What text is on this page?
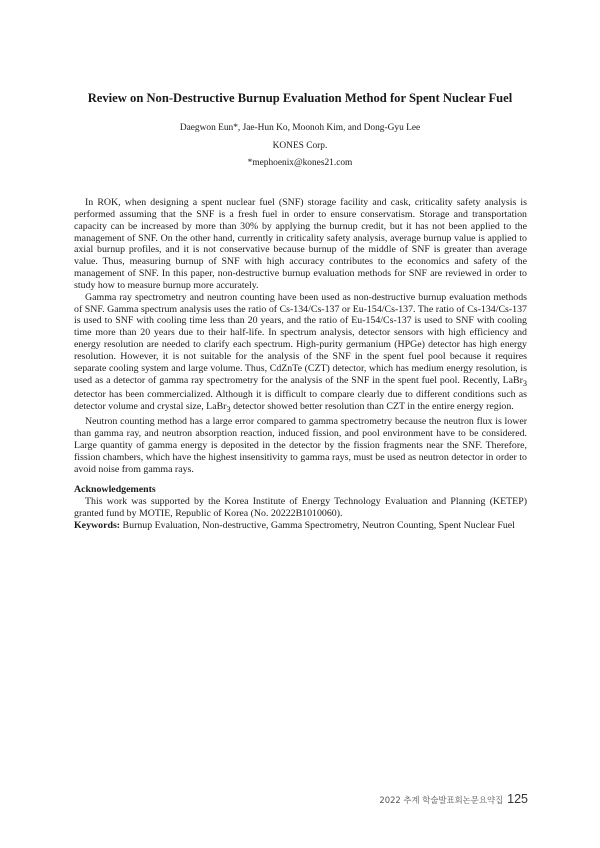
Review on Non-Destructive Burnup Evaluation Method for Spent Nuclear Fuel

Daegwon Eun*, Jae-Hun Ko, Moonoh Kim, and Dong-Gyu Lee

KONES Corp.

*mephoenix@kones21.com

In ROK, when designing a spent nuclear fuel (SNF) storage facility and cask, criticality safety analysis is performed assuming that the SNF is a fresh fuel in order to ensure conservatism. Storage and transportation capacity can be increased by more than 30% by applying the burnup credit, but it has not been applied to the management of SNF. On the other hand, currently in criticality safety analysis, average burnup value is applied to axial burnup profiles, and it is not conservative because burnup of the middle of SNF is greater than average value. Thus, measuring burnup of SNF with high accuracy contributes to the economics and safety of the management of SNF. In this paper, non-destructive burnup evaluation methods for SNF are reviewed in order to study how to measure burnup more accurately.

Gamma ray spectrometry and neutron counting have been used as non-destructive burnup evaluation methods of SNF. Gamma spectrum analysis uses the ratio of Cs-134/Cs-137 or Eu-154/Cs-137. The ratio of Cs-134/Cs-137 is used to SNF with cooling time less than 20 years, and the ratio of Eu-154/Cs-137 is used to SNF with cooling time more than 20 years due to their half-life. In spectrum analysis, detector sensors with high efficiency and energy resolution are needed to clarify each spectrum. High-purity germanium (HPGe) detector has high energy resolution. However, it is not suitable for the analysis of the SNF in the spent fuel pool because it requires separate cooling system and large volume. Thus, CdZnTe (CZT) detector, which has medium energy resolution, is used as a detector of gamma ray spectrometry for the analysis of the SNF in the spent fuel pool. Recently, LaBr$_3$ detector has been commercialized. Although it is difficult to compare clearly due to different conditions such as detector volume and crystal size, LaBr$_3$ detector showed better resolution than CZT in the entire energy region.

Neutron counting method has a large error compared to gamma spectrometry because the neutron flux is lower than gamma ray, and neutron absorption reaction, induced fission, and pool environment have to be considered. Large quantity of gamma energy is deposited in the detector by the fission fragments near the SNF. Therefore, fission chambers, which have the highest insensitivity to gamma rays, must be used as neutron detector in order to avoid noise from gamma rays.

Acknowledgements

This work was supported by the Korea Institute of Energy Technology Evaluation and Planning (KETEP) granted fund by MOTIE, Republic of Korea (No. 20222B1010060).

Keywords: Burnup Evaluation, Non-destructive, Gamma Spectrometry, Neutron Counting, Spent Nuclear Fuel

2022 추계 학술발표회논문요약집 125
